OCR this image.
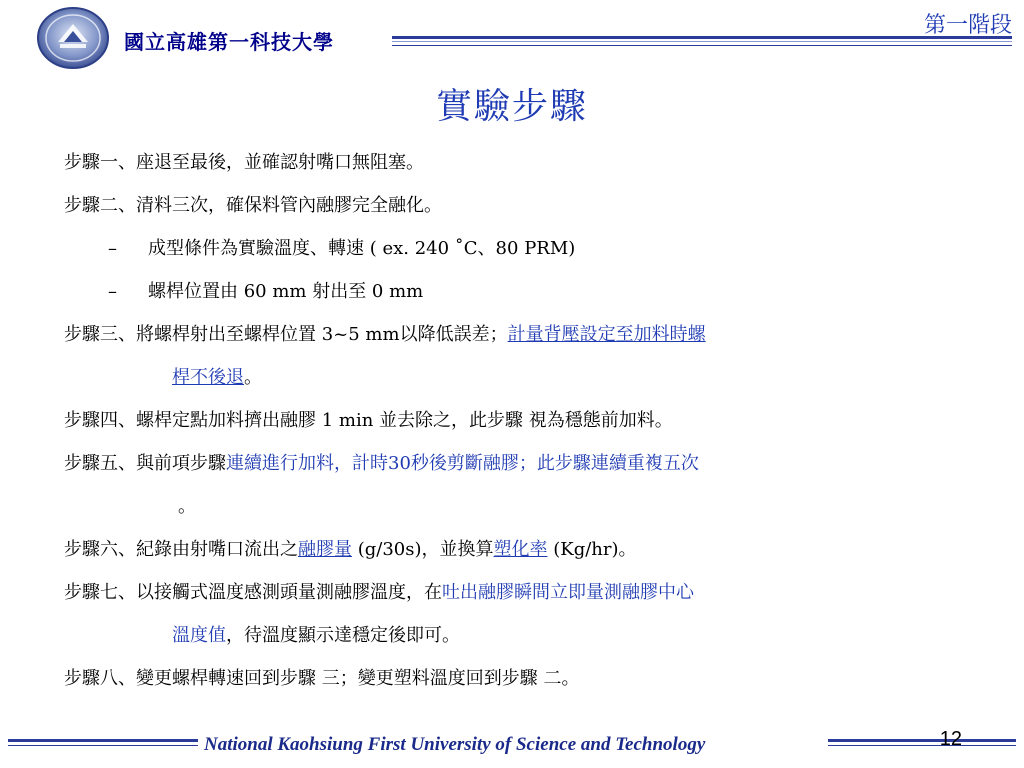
國立高雄第一科技大學
第一階段
實驗步驟
步驟一、座退至最後，並確認射嘴口無阻塞。
步驟二、清料三次，確保料管內融膠完全融化。
– 成型條件為實驗溫度、轉速 ( ex. 240 ˚C、80 PRM)
– 螺桿位置由 60 mm 射出至 0 mm
步驟三、將螺桿射出至螺桿位置 3~5 mm以降低誤差；計量背壓設定至加料時螺
桿不後退。
步驟四、螺桿定點加料擠出融膠 1 min 並去除之，此步驟 視為穩態前加料。
步驟五、與前項步驟連續進行加料，計時30秒後剪斷融膠；此步驟連續重複五次
。
步驟六、紀錄由射嘴口流出之融膠量 (g/30s)，並換算塑化率 (Kg/hr)。
步驟七、以接觸式溫度感測頭量測融膠溫度，在吐出融膠瞬間立即量測融膠中心
溫度值，待溫度顯示達穩定後即可。
步驟八、變更螺桿轉速回到步驟 三；變更塑料溫度回到步驟 二。
National Kaohsiung First University of Science and Technology	12
